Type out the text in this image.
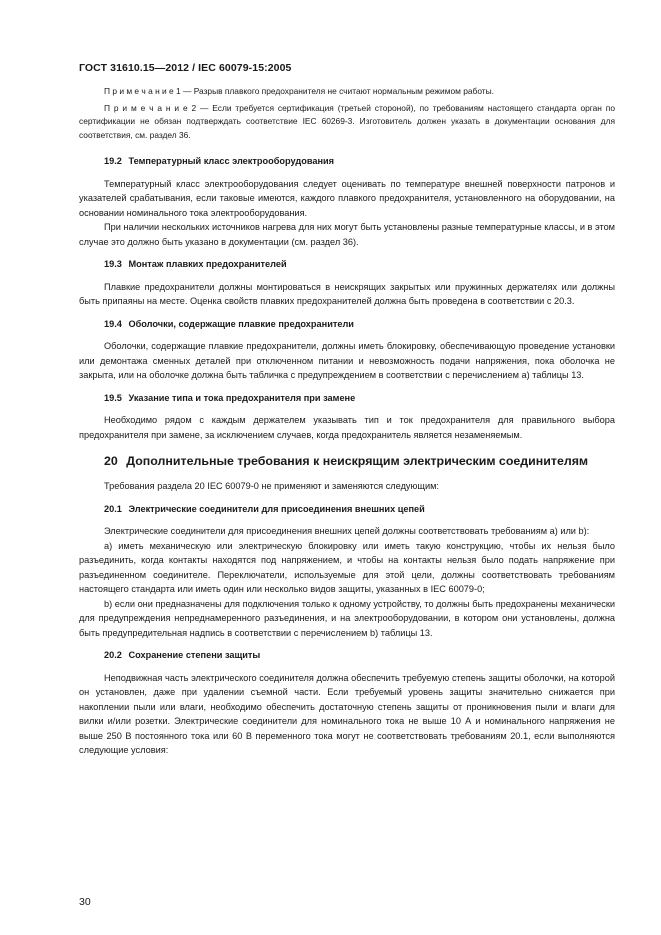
ГОСТ 31610.15—2012 / IEC 60079-15:2005

П р и м е ч а н и е 1 — Разрыв плавкого предохранителя не считают нормальным режимом работы.

П р и м е ч а н и е 2 — Если требуется сертификация (третьей стороной), по требованиям настоящего стандарта орган по сертификации не обязан подтверждать соответствие IEC 60269-3. Изготовитель должен указать в документации основания для соответствия, см. раздел 36.

19.2 Температурный класс электрооборудования

Температурный класс электрооборудования следует оценивать по температуре внешней поверхности патронов и указателей срабатывания, если таковые имеются, каждого плавкого предохранителя, установленного на оборудовании, на основании номинального тока электрооборудования.

При наличии нескольких источников нагрева для них могут быть установлены разные температурные классы, и в этом случае это должно быть указано в документации (см. раздел 36).

19.3 Монтаж плавких предохранителей

Плавкие предохранители должны монтироваться в неискрящих закрытых или пружинных держателях или должны быть припаяны на месте. Оценка свойств плавких предохранителей должна быть проведена в соответствии с 20.3.

19.4 Оболочки, содержащие плавкие предохранители

Оболочки, содержащие плавкие предохранители, должны иметь блокировку, обеспечивающую проведение установки или демонтажа сменных деталей при отключенном питании и невозможность подачи напряжения, пока оболочка не закрыта, или на оболочке должна быть табличка с предупреждением в соответствии с перечислением а) таблицы 13.

19.5 Указание типа и тока предохранителя при замене

Необходимо рядом с каждым держателем указывать тип и ток предохранителя для правильного выбора предохранителя при замене, за исключением случаев, когда предохранитель является незаменяемым.

20 Дополнительные требования к неискрящим электрическим соединителям

Требования раздела 20 IEC 60079-0 не применяют и заменяются следующим:

20.1 Электрические соединители для присоединения внешних цепей

Электрические соединители для присоединения внешних цепей должны соответствовать требованиям а) или b):

а) иметь механическую или электрическую блокировку или иметь такую конструкцию, чтобы их нельзя было разъединить, когда контакты находятся под напряжением, и чтобы на контакты нельзя было подать напряжение при разъединенном соединителе. Переключатели, используемые для этой цели, должны соответствовать требованиям настоящего стандарта или иметь один или несколько видов защиты, указанных в IEC 60079-0;

b) если они предназначены для подключения только к одному устройству, то должны быть предохранены механически для предупреждения непреднамеренного разъединения, и на электрооборудовании, в котором они установлены, должна быть предупредительная надпись в соответствии с перечислением b) таблицы 13.

20.2 Сохранение степени защиты

Неподвижная часть электрического соединителя должна обеспечить требуемую степень защиты оболочки, на которой он установлен, даже при удалении съемной части. Если требуемый уровень защиты значительно снижается при накоплении пыли или влаги, необходимо обеспечить достаточную степень защиты от проникновения пыли и влаги для вилки и/или розетки. Электрические соединители для номинального тока не выше 10 А и номинального напряжения не выше 250 В постоянного тока или 60 В переменного тока могут не соответствовать требованиям 20.1, если выполняются следующие условия:

30
